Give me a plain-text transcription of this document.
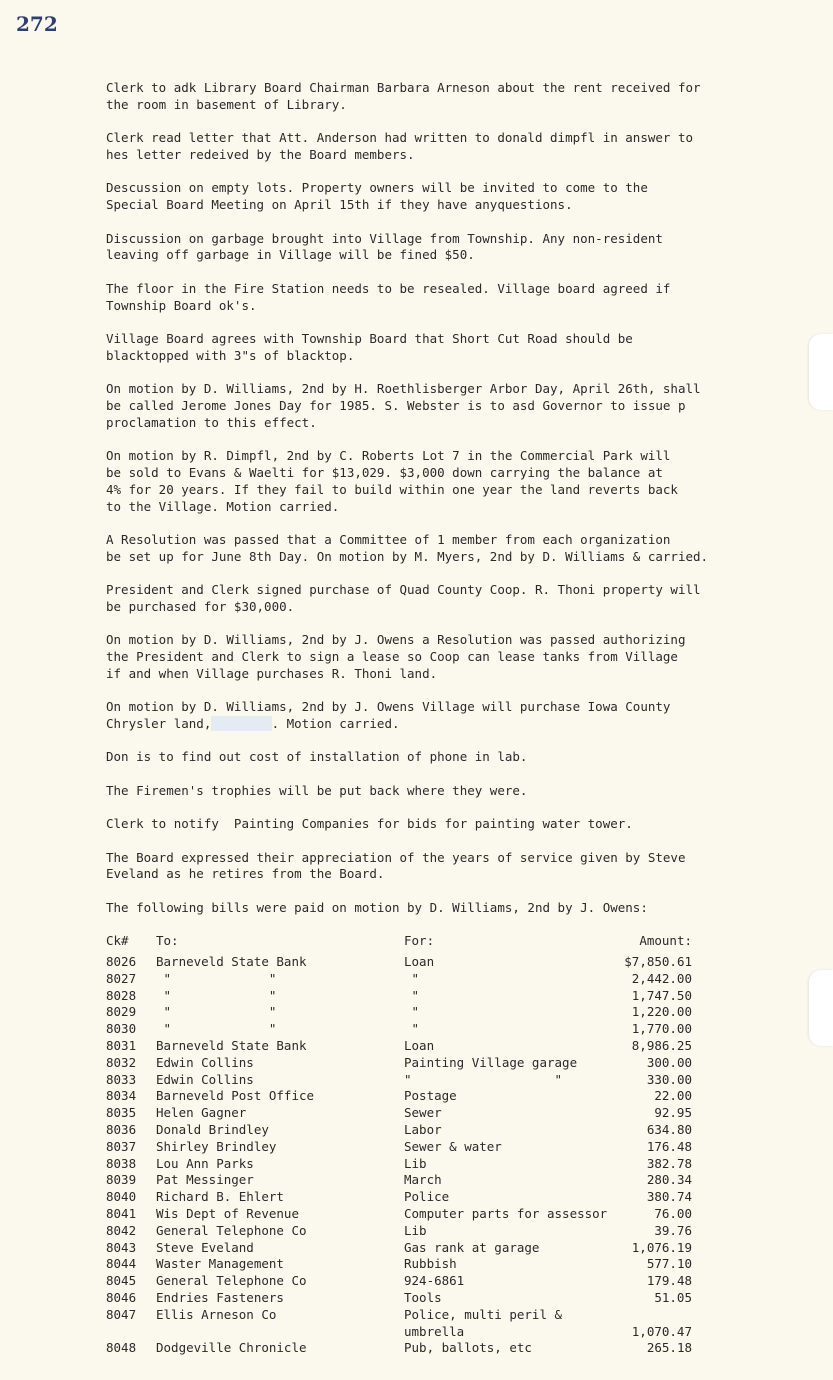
272

Clerk to adk Library Board Chairman Barbara Arneson about the rent received for
the room in basement of Library.

Clerk read letter that Att. Anderson had written to donald dimpfl in answer to
hes letter redeived by the Board members.

Descussion on empty lots. Property owners will be invited to come to the
Special Board Meeting on April 15th if they have anyquestions.

Discussion on garbage brought into Village from Township. Any non-resident
leaving off garbage in Village will be fined $50.

The floor in the Fire Station needs to be resealed. Village board agreed if
Township Board ok's.

Village Board agrees with Township Board that Short Cut Road should be
blacktopped with 3"s of blacktop.

On motion by D. Williams, 2nd by H. Roethlisberger Arbor Day, April 26th, shall
be called Jerome Jones Day for 1985. S. Webster is to asd Governor to issue p
proclamation to this effect.

On motion by R. Dimpfl, 2nd by C. Roberts Lot 7 in the Commercial Park will
be sold to Evans & Waelti for $13,029. $3,000 down carrying the balance at
4% for 20 years. If they fail to build within one year the land reverts back
to the Village. Motion carried.

A Resolution was passed that a Committee of 1 member from each organization
be set up for June 8th Day. On motion by M. Myers, 2nd by D. Williams & carried.

President and Clerk signed purchase of Quad County Coop. R. Thoni property will
be purchased for $30,000.

On motion by D. Williams, 2nd by J. Owens a Resolution was passed authorizing
the President and Clerk to sign a lease so Coop can lease tanks from Village
if and when Village purchases R. Thoni land.

On motion by D. Williams, 2nd by J. Owens Village will purchase Iowa County
Chrysler land,	. Motion carried.

Don is to find out cost of installation of phone in lab.

The Firemen's trophies will be put back where they were.

Clerk to notify  Painting Companies for bids for painting water tower.

The Board expressed their appreciation of the years of service given by Steve
Eveland as he retires from the Board.

The following bills were paid on motion by D. Williams, 2nd by J. Owens:

Ck# To:	For:	Amount:
8026 Barneveld State Bank	Loan	$7,850.61
8027 "             "	"	2,442.00
8028 "             "	"	1,747.50
8029 "             "	"	1,220.00
8030 "             "	"	1,770.00
8031 Barneveld State Bank	Loan	8,986.25
8032 Edwin Collins	Painting Village garage	300.00
8033 Edwin Collins	"                   "	330.00
8034 Barneveld Post Office	Postage	22.00
8035 Helen Gagner	Sewer	92.95
8036 Donald Brindley	Labor	634.80
8037 Shirley Brindley	Sewer & water	176.48
8038 Lou Ann Parks	Lib	382.78
8039 Pat Messinger	March	280.34
8040 Richard B. Ehlert	Police	380.74
8041 Wis Dept of Revenue	Computer parts for assessor	76.00
8042 General Telephone Co	Lib	39.76
8043 Steve Eveland	Gas rank at garage	1,076.19
8044 Waster Management	Rubbish	577.10
8045 General Telephone Co	924-6861	179.48
8046 Endries Fasteners	Tools	51.05
8047 Ellis Arneson Co	Police, multi peril &
umbrella	1,070.47
8048 Dodgeville Chronicle	Pub, ballots, etc	265.18
